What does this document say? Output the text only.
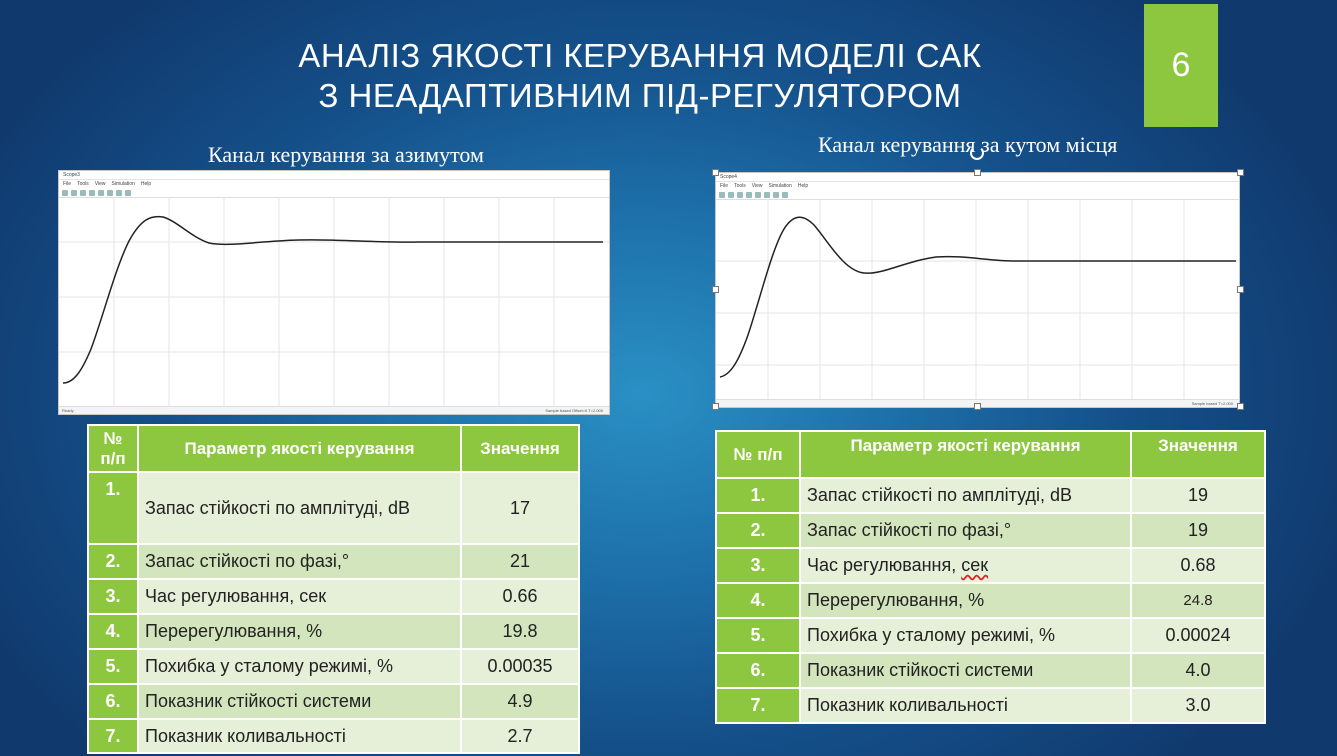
АНАЛІЗ ЯКОСТІ КЕРУВАННЯ МОДЕЛІ САК
З НЕАДАПТИВНИМ ПІД-РЕГУЛЯТОРОМ
6
Канал керування за азимутом
Scope3
File Tools View Simulation Help
Ready	Sample based Offset=0 T=2.000
Канал керування за кутом місця
Scope4
File Tools View Simulation Help
Sample based T=2.000
№ п/п	Параметр якості керування	Значення
1.	Запас стійкості по амплітуді, dB	17
2.	Запас стійкості по фазі,°	21
3.	Час регулювання, сек	0.66
4.	Перерегулювання, %	19.8
5.	Похибка у сталому режимі, %	0.00035
6.	Показник стійкості системи	4.9
7.	Показник коливальності	2.7
№ п/п	Параметр якості керування	Значення
1.	Запас стійкості по амплітуді, dB	19
2.	Запас стійкості по фазі,°	19
3.	Час регулювання, сек	0.68
4.	Перерегулювання, %	24.8
5.	Похибка у сталому режимі, %	0.00024
6.	Показник стійкості системи	4.0
7.	Показник коливальності	3.0
